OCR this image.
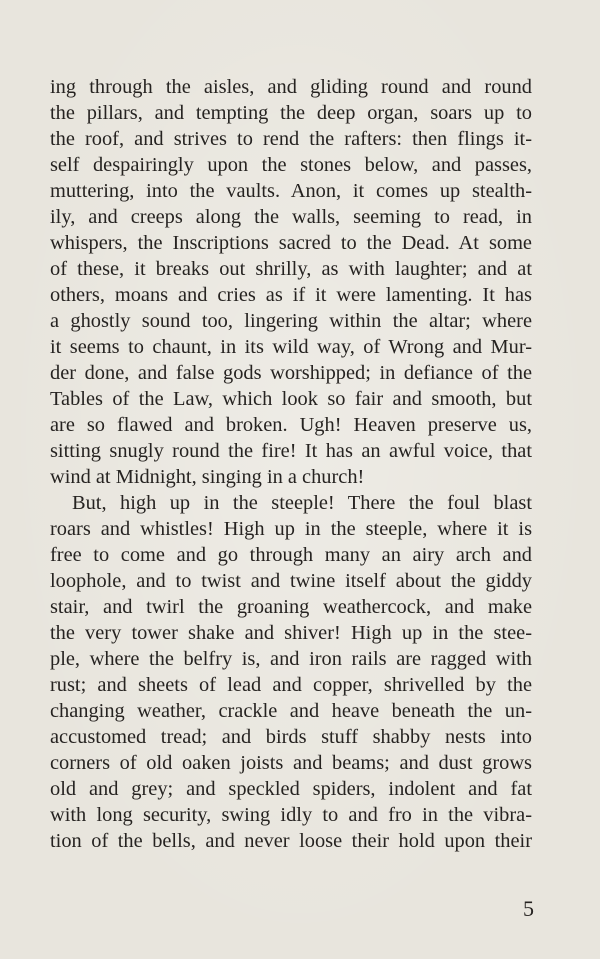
ing through the aisles, and gliding round and round
the pillars, and tempting the deep organ, soars up to
the roof, and strives to rend the rafters: then flings it-
self despairingly upon the stones below, and passes,
muttering, into the vaults. Anon, it comes up stealth-
ily, and creeps along the walls, seeming to read, in
whispers, the Inscriptions sacred to the Dead. At some
of these, it breaks out shrilly, as with laughter; and at
others, moans and cries as if it were lamenting. It has
a ghostly sound too, lingering within the altar; where
it seems to chaunt, in its wild way, of Wrong and Mur-
der done, and false gods worshipped; in defiance of the
Tables of the Law, which look so fair and smooth, but
are so flawed and broken. Ugh! Heaven preserve us,
sitting snugly round the fire! It has an awful voice, that
wind at Midnight, singing in a church!
But, high up in the steeple! There the foul blast
roars and whistles! High up in the steeple, where it is
free to come and go through many an airy arch and
loophole, and to twist and twine itself about the giddy
stair, and twirl the groaning weathercock, and make
the very tower shake and shiver! High up in the stee-
ple, where the belfry is, and iron rails are ragged with
rust; and sheets of lead and copper, shrivelled by the
changing weather, crackle and heave beneath the un-
accustomed tread; and birds stuff shabby nests into
corners of old oaken joists and beams; and dust grows
old and grey; and speckled spiders, indolent and fat
with long security, swing idly to and fro in the vibra-
tion of the bells, and never loose their hold upon their
5
